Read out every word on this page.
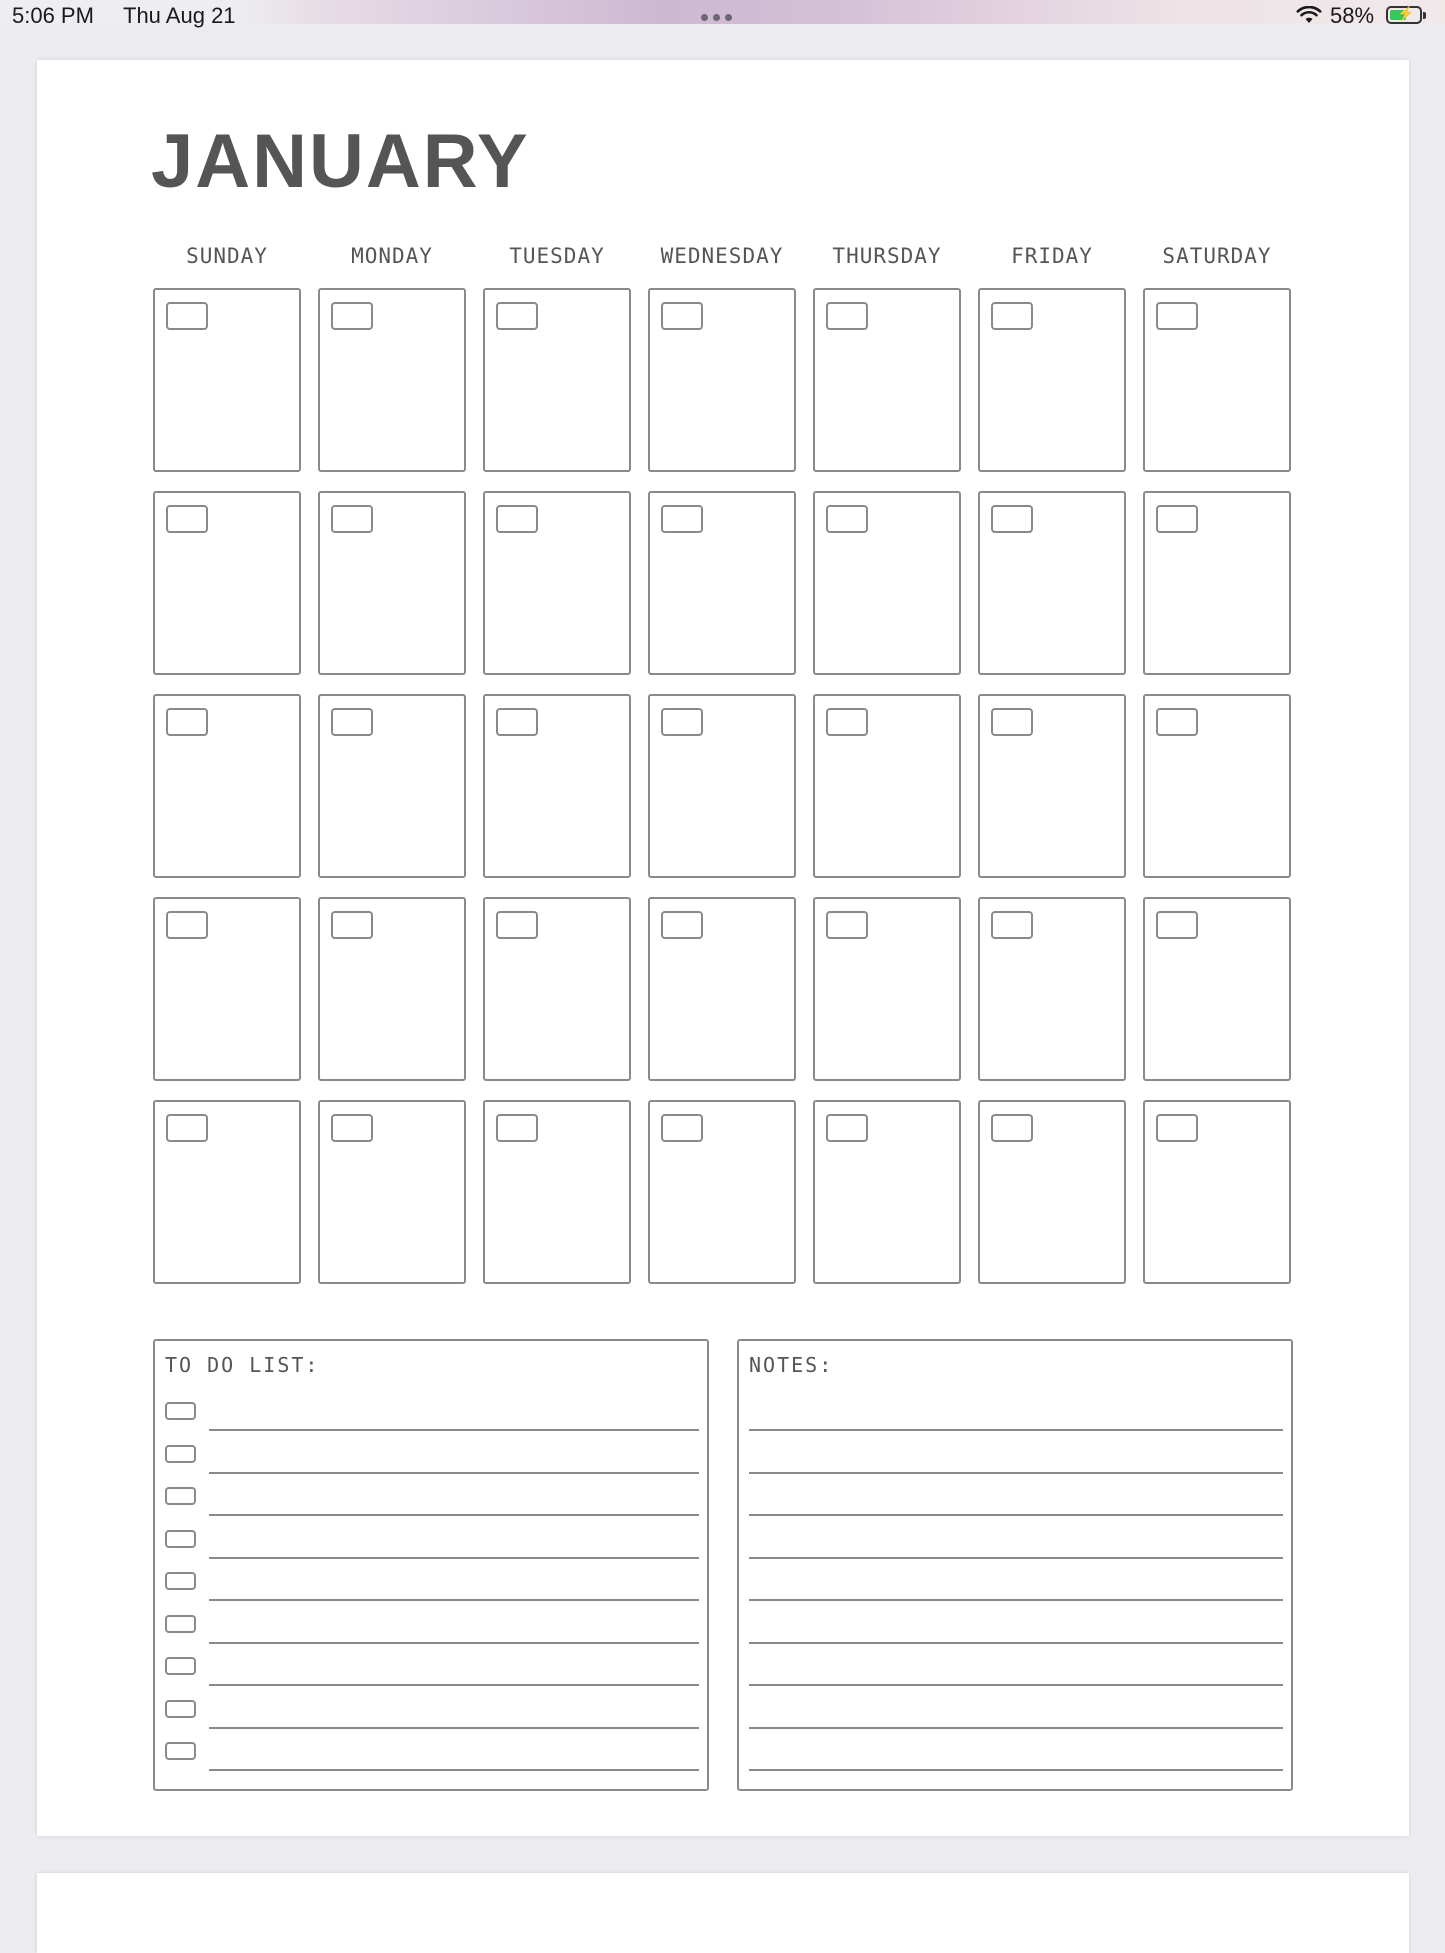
5:06 PM Thu Aug 21	58% ⚡
JANUARY
SUNDAY	MONDAY	TUESDAY	WEDNESDAY	THURSDAY	FRIDAY	SATURDAY
TO DO LIST:	NOTES:
